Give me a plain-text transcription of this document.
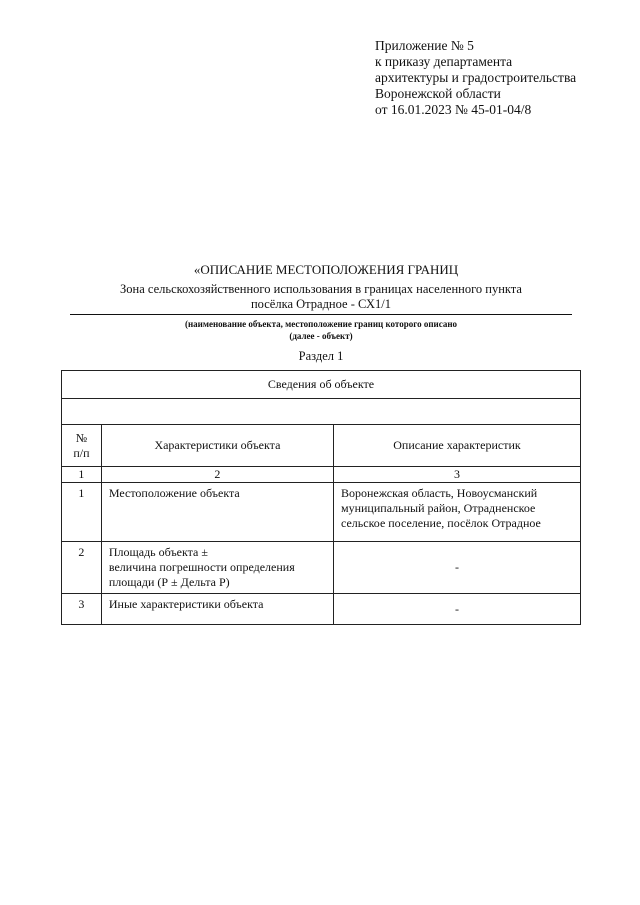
Приложение № 5
к приказу департамента
архитектуры и градостроительства
Воронежской области
от 16.01.2023 № 45-01-04/8
«ОПИСАНИЕ МЕСТОПОЛОЖЕНИЯ ГРАНИЦ
Зона сельскохозяйственного использования в границах населенного пункта
посёлка Отрадное - СХ1/1
(наименование объекта, местоположение границ которого описано
(далее - объект)
Раздел 1
Сведения об объекте		

№
п/п	Характеристики объекта	Описание характеристик
1	2	3
1	Местоположение объекта	Воронежская область, Новоусманский
муниципальный район, Отрадненское
сельское поселение, посёлок Отрадное

2	Площадь объекта ±
величина погрешности определения
площади (Р ± Дельта Р)	-

3	Иные характеристики объекта	-
